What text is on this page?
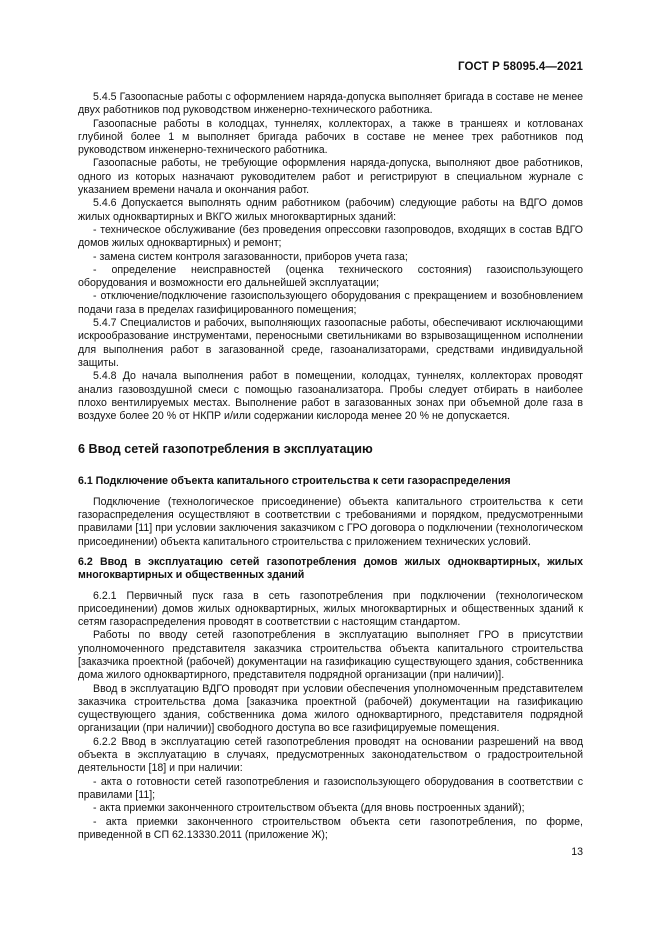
ГОСТ Р 58095.4—2021

5.4.5 Газоопасные работы с оформлением наряда-допуска выполняет бригада в составе не менее двух работников под руководством инженерно-технического работника.

Газоопасные работы в колодцах, туннелях, коллекторах, а также в траншеях и котлованах глубиной более 1 м выполняет бригада рабочих в составе не менее трех работников под руководством инженерно-технического работника.

Газоопасные работы, не требующие оформления наряда-допуска, выполняют двое работников, одного из которых назначают руководителем работ и регистрируют в специальном журнале с указанием времени начала и окончания работ.

5.4.6 Допускается выполнять одним работником (рабочим) следующие работы на ВДГО домов жилых одноквартирных и ВКГО жилых многоквартирных зданий:

- техническое обслуживание (без проведения опрессовки газопроводов, входящих в состав ВДГО домов жилых одноквартирных) и ремонт;

- замена систем контроля загазованности, приборов учета газа;

- определение неисправностей (оценка технического состояния) газоиспользующего оборудования и возможности его дальнейшей эксплуатации;

- отключение/подключение газоиспользующего оборудования с прекращением и возобновлением подачи газа в пределах газифицированного помещения;

5.4.7 Специалистов и рабочих, выполняющих газоопасные работы, обеспечивают исключающими искрообразование инструментами, переносными светильниками во взрывозащищенном исполнении для выполнения работ в загазованной среде, газоанализаторами, средствами индивидуальной защиты.

5.4.8 До начала выполнения работ в помещении, колодцах, туннелях, коллекторах проводят анализ газовоздушной смеси с помощью газоанализатора. Пробы следует отбирать в наиболее плохо вентилируемых местах. Выполнение работ в загазованных зонах при объемной доле газа в воздухе более 20 % от НКПР и/или содержании кислорода менее 20 % не допускается.

6 Ввод сетей газопотребления в эксплуатацию
6.1 Подключение объекта капитального строительства к сети газораспределения

Подключение (технологическое присоединение) объекта капитального строительства к сети газораспределения осуществляют в соответствии с требованиями и порядком, предусмотренными правилами [11] при условии заключения заказчиком с ГРО договора о подключении (технологическом присоединении) объекта капитального строительства с приложением технических условий.

6.2 Ввод в эксплуатацию сетей газопотребления домов жилых одноквартирных, жилых многоквартирных и общественных зданий

6.2.1 Первичный пуск газа в сеть газопотребления при подключении (технологическом присоединении) домов жилых одноквартирных, жилых многоквартирных и общественных зданий к сетям газораспределения проводят в соответствии с настоящим стандартом.

Работы по вводу сетей газопотребления в эксплуатацию выполняет ГРО в присутствии уполномоченного представителя заказчика строительства объекта капитального строительства [заказчика проектной (рабочей) документации на газификацию существующего здания, собственника дома жилого одноквартирного, представителя подрядной организации (при наличии)].

Ввод в эксплуатацию ВДГО проводят при условии обеспечения уполномоченным представителем заказчика строительства дома [заказчика проектной (рабочей) документации на газификацию существующего здания, собственника дома жилого одноквартирного, представителя подрядной организации (при наличии)] свободного доступа во все газифицируемые помещения.

6.2.2 Ввод в эксплуатацию сетей газопотребления проводят на основании разрешений на ввод объекта в эксплуатацию в случаях, предусмотренных законодательством о градостроительной деятельности [18] и при наличии:

- акта о готовности сетей газопотребления и газоиспользующего оборудования в соответствии с правилами [11];

- акта приемки законченного строительством объекта (для вновь построенных зданий);

- акта приемки законченного строительством объекта сети газопотребления, по форме, приведенной в СП 62.13330.2011 (приложение Ж);

13
